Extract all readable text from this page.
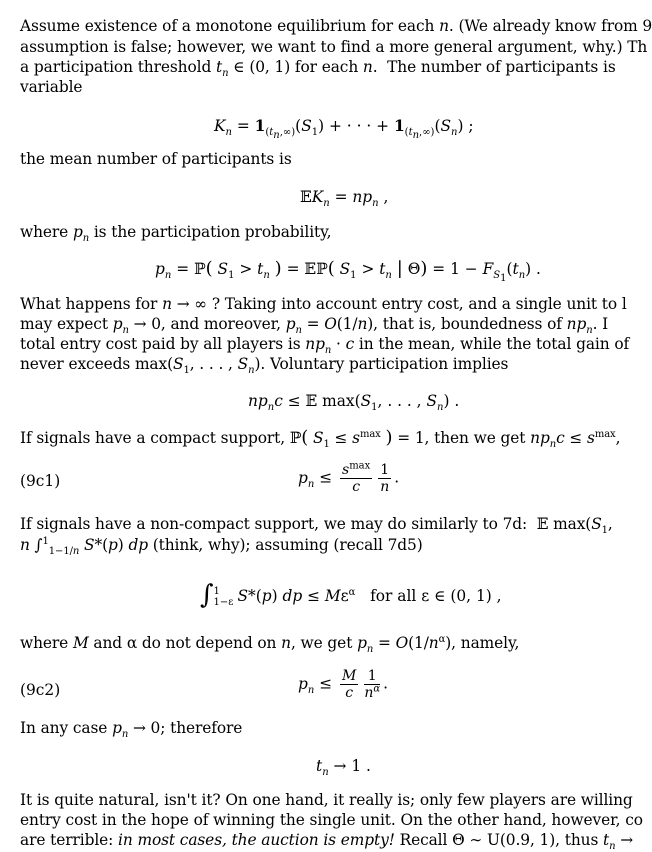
Assume existence of a monotone equilibrium for each n. (We already know from 9
assumption is false; however, we want to find a more general argument, why.) Th
a participation threshold $t_n$ ∈ (0, 1) for each n.  The number of participants is
variable
$K_n = 1_{(t_n,\infty)}(S_1)$ + · · · + $1_{(t_n,\infty)}(S_n)$ ;
the mean number of participants is
𝔼K$_n$ = $np_n$ ,
where $p_n$ is the participation probability,
$p_n$ = ℙ( $S_1 > t_n$ ) = 𝔼ℙ( $S_1 > t_n$ | $\Theta) = 1 - F_{S_1}(t_n)$ .
What happens for n → ∞ ? Taking into account entry cost, and a single unit to l
may expect $p_n \to 0$, and moreover, $p_n = O(1/n)$, that is, boundedness of $np_n$. I
total entry cost paid by all players is $np_n \cdot c$ in the mean, while the total gain of
never exceeds $\max(S_1$, . . . , $S_n$). Voluntary participation implies
$np_nc$ ≤ 𝔼 $\max(S_1$, . . . , $S_n$) .
If signals have a compact support, ℙ( $S_1 \le s^{max}$ ) = 1, then we get $np_nc \le s^{max}$,
(9c1)	$p_n \le \frac{s^{max}}{c} \frac{1}{n}$ .
If signals have a non-compact support, we may do similarly to 7d:  𝔼 $\max(S_1$,
n ∫$^1_{1-1/n}$ S*(p) dp (think, why); assuming (recall 7d5)
∫1
1−ε S*(p) dp ≤ $M\varepsilon^\alpha$   for all ε ∈ (0, 1) ,
where M and α do not depend on n, we get $p_n = O(1/n^\alpha)$, namely,
(9c2)	$p_n \le \frac{M}{c} \frac{1}{n^\alpha}$ .
In any case $p_n \to 0$; therefore
$t_n \to 1$ .
It is quite natural, isn't it? On one hand, it really is; only few players are willing
entry cost in the hope of winning the single unit. On the other hand, however, co
are terrible: in most cases, the auction is empty! Recall Θ ∼ U(0.9, 1), thus $t_n$ →
